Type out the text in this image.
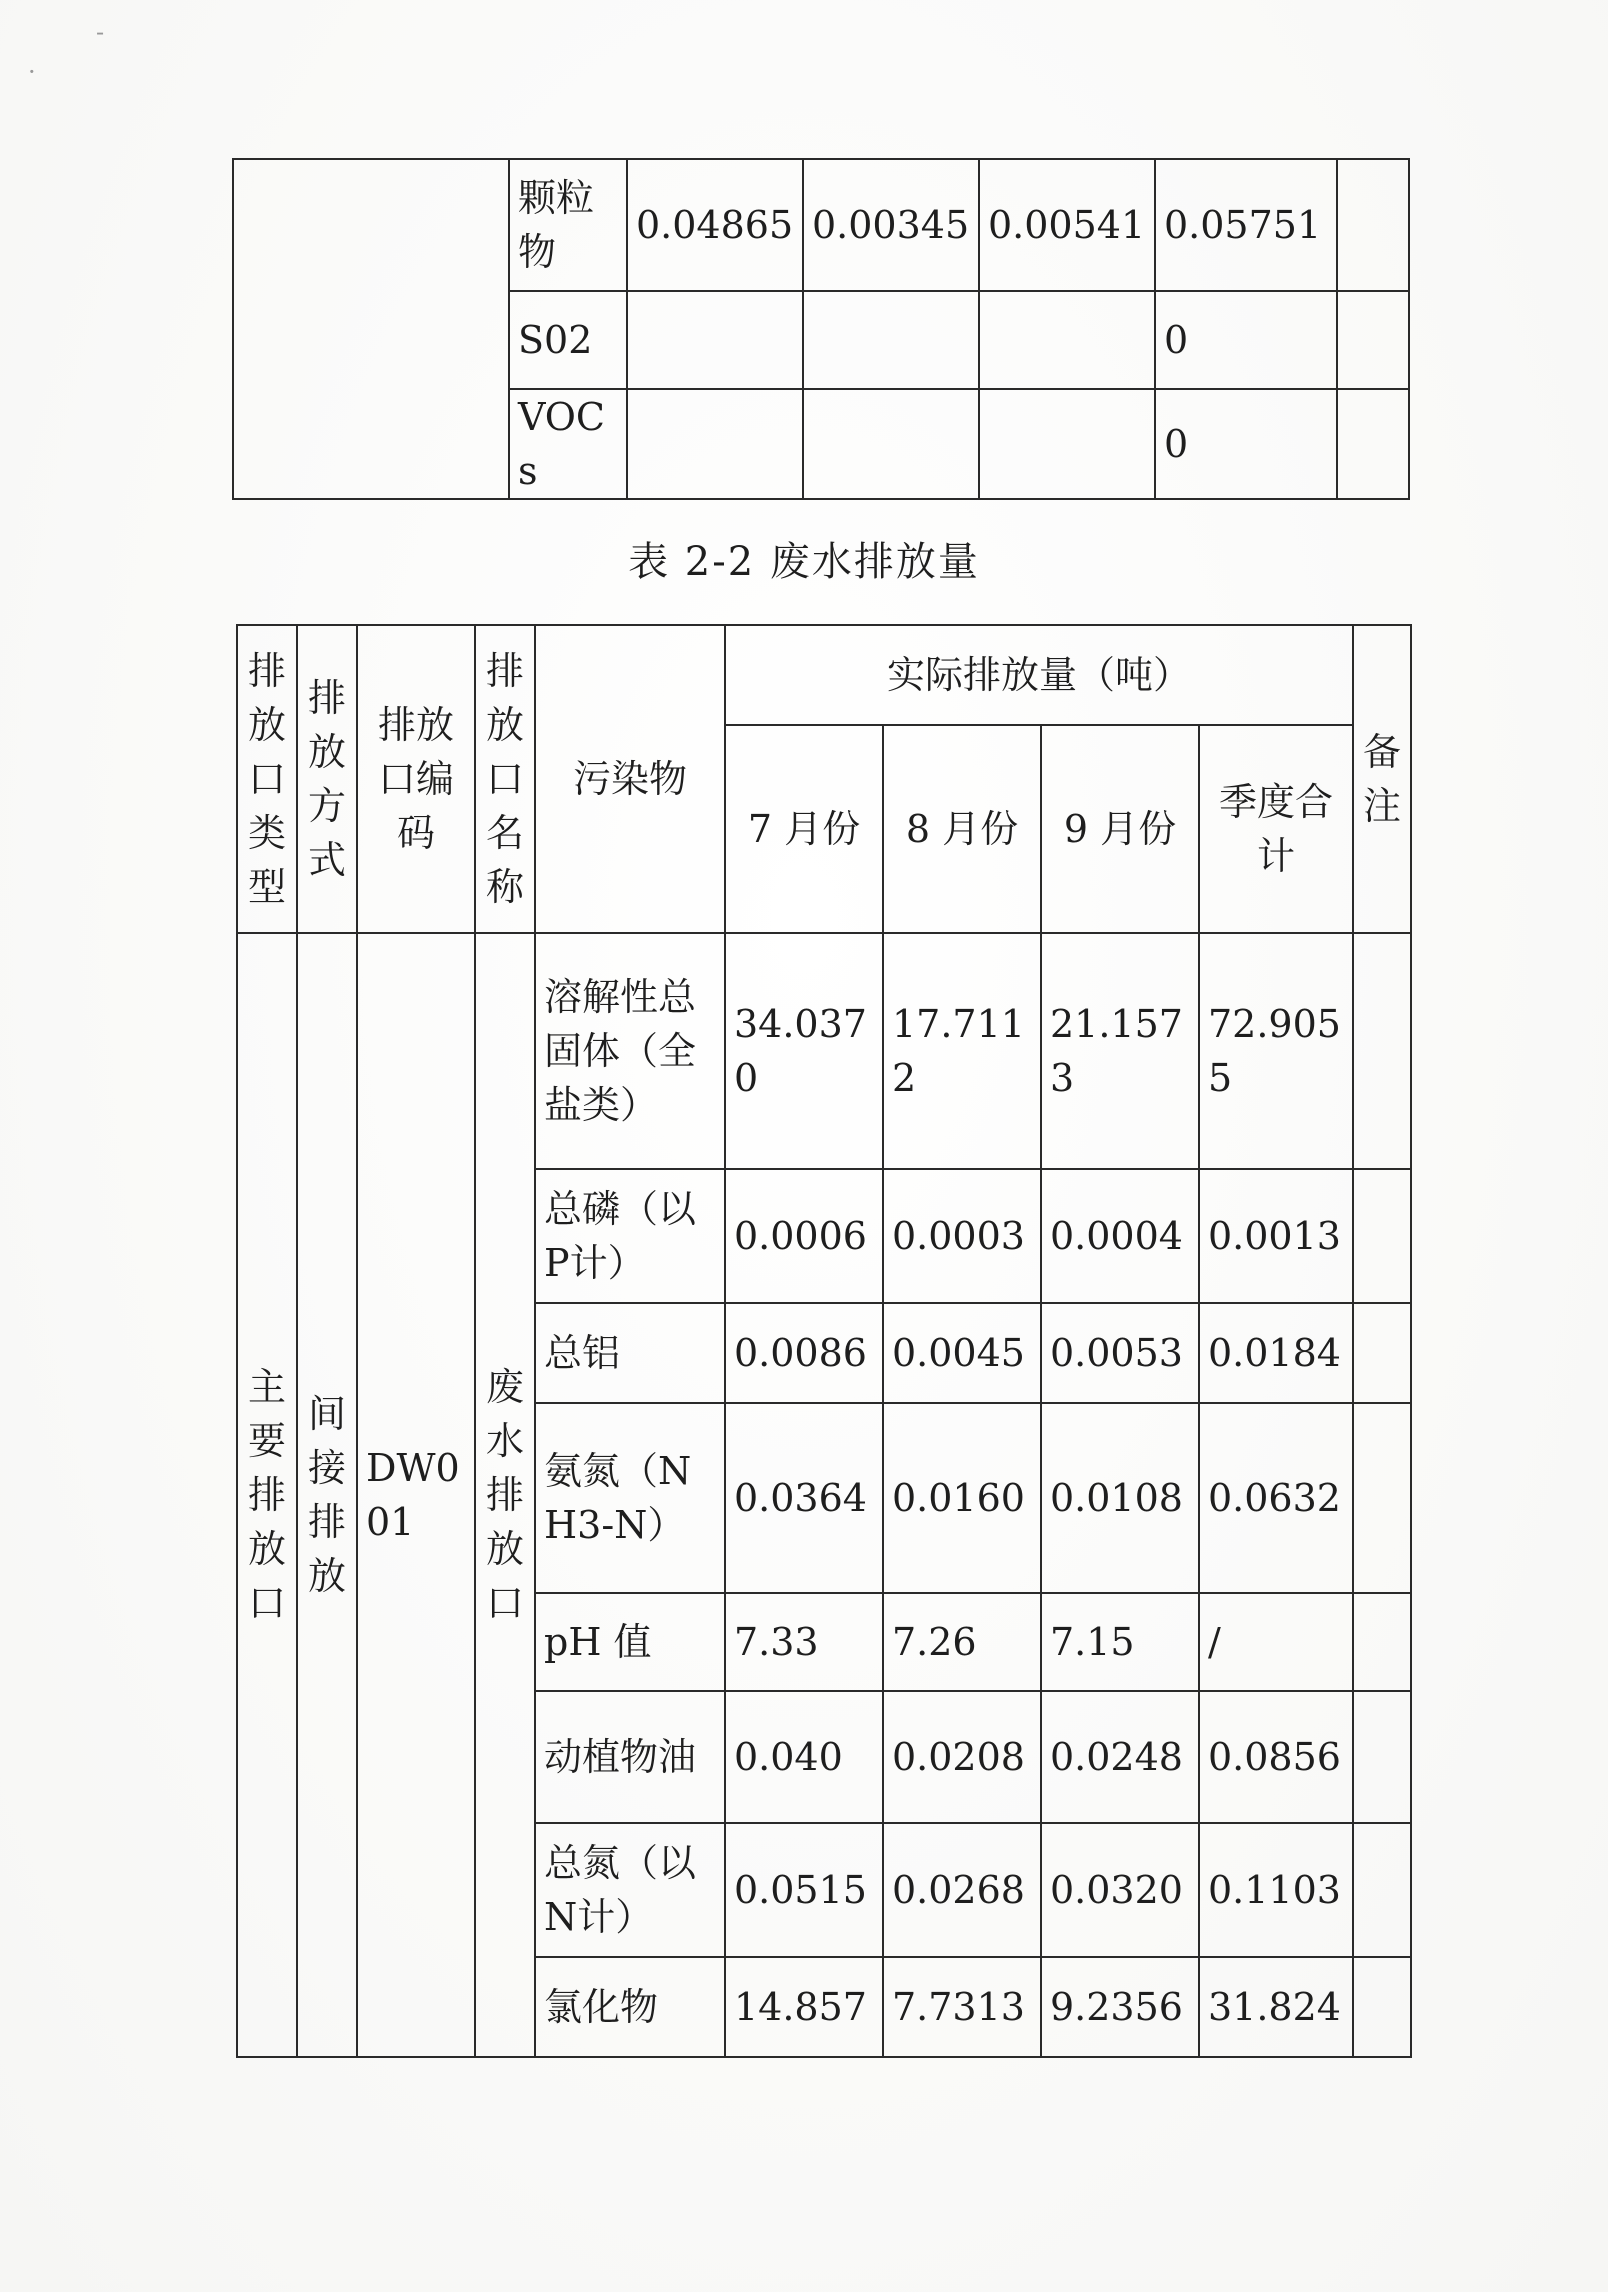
-
·
	颗粒物	0.04865	0.00345	0.00541	0.05751	
	S02				0	
	VOCs				0	
表 2-2 废水排放量
排放口类型	排放方式	排放口编码	排放口名称	污染物	实际排放量（吨）				备注
					7 月份	8 月份	9 月份	季度合计	
主要排放口	间接排放	DW001	废水排放口	溶解性总固体（全盐类）	34.0370	17.7112	21.1573	72.9055	
				总磷（以P计）	0.0006	0.0003	0.0004	0.0013	
				总铝	0.0086	0.0045	0.0053	0.0184	
				氨氮（NH3-N）	0.0364	0.0160	0.0108	0.0632	
				pH 值	7.33	7.26	7.15	/	
				动植物油	0.040	0.0208	0.0248	0.0856	
				总氮（以N计）	0.0515	0.0268	0.0320	0.1103	
				氯化物	14.857	7.7313	9.2356	31.824	
